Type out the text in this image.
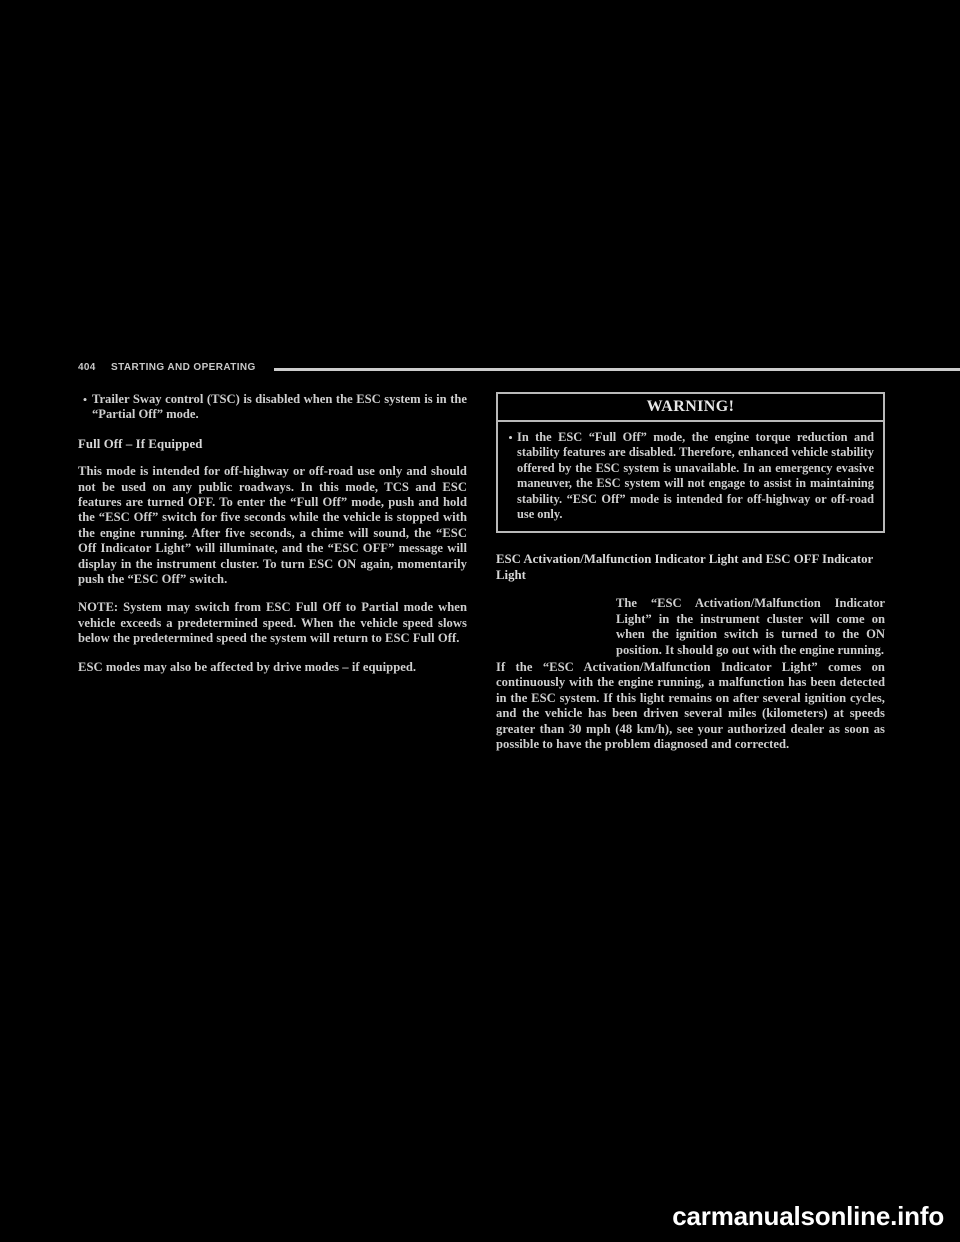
404 STARTING AND OPERATING
• Trailer Sway control (TSC) is disabled when the ESC system is in the “Partial Off” mode.
Full Off – If Equipped

This mode is intended for off-highway or off-road use only and should not be used on any public roadways. In this mode, TCS and ESC features are turned OFF. To enter the “Full Off” mode, push and hold the “ESC Off” switch for five seconds while the vehicle is stopped with the engine running. After five seconds, a chime will sound, the “ESC Off Indicator Light” will illuminate, and the “ESC OFF” message will display in the instrument cluster. To turn ESC ON again, momentarily push the “ESC Off” switch.

NOTE: System may switch from ESC Full Off to Partial mode when vehicle exceeds a predetermined speed. When the vehicle speed slows below the predetermined speed the system will return to ESC Full Off.

ESC modes may also be affected by drive modes – if equipped.

WARNING!
• In the ESC “Full Off” mode, the engine torque reduction and stability features are disabled. Therefore, enhanced vehicle stability offered by the ESC system is unavailable. In an emergency evasive maneuver, the ESC system will not engage to assist in maintaining stability. “ESC Off” mode is intended for off-highway or off-road use only.
ESC Activation/Malfunction Indicator Light and ESC OFF Indicator Light

The “ESC Activation/Malfunction Indicator Light” in the instrument cluster will come on when the ignition switch is turned to the ON position. It should go out with the engine running.

If the “ESC Activation/Malfunction Indicator Light” comes on continuously with the engine running, a malfunction has been detected in the ESC system. If this light remains on after several ignition cycles, and the vehicle has been driven several miles (kilometers) at speeds greater than 30 mph (48 km/h), see your authorized dealer as soon as possible to have the problem diagnosed and corrected.

carmanualsonline.info
